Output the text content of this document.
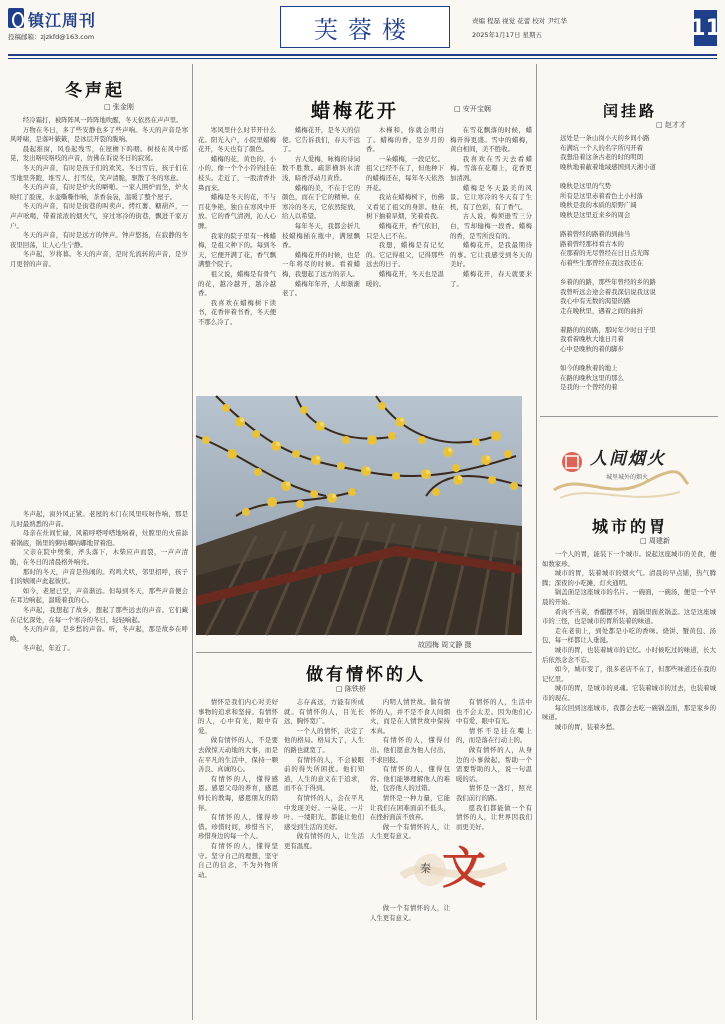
镇江周刊
投稿邮箱：zjzkfd@163.com	芙蓉楼	责编 程磊 视觉 花蕾 校对 尹红华
2025年1月17日 星期五	11
冬声起
□ 张金刚

经冷霜打，被阵阵风一阵阵地吹醒，冬天依然在声声里。

万物在冬日，多了些安静也多了些声响。冬天的声音是寒风呼啸，是落叶簌簌，是冰层开裂的脆响。

晨起推窗，风卷起残雪，在屋檐下呜咽。树枝在风中摇晃，发出咯吱咯吱的声音，仿佛在诉说冬日的寂寞。

冬天的声音，有时是孩子们的欢笑。冬日雪后，孩子们在雪地里奔跑，堆雪人、打雪仗，笑声清脆，驱散了冬的寒意。

冬天的声音，有时是炉火的噼啪。一家人围炉而坐，炉火映红了脸庞，水壶嘶嘶作响，茶香袅袅，温暖了整个屋子。

冬天的声音，有时是街巷的叫卖声。烤红薯、糖葫芦，一声声吆喝，带着浓浓的烟火气，穿过寒冷的街巷，飘进千家万户。

冬天的声音，有时是远方的钟声。钟声悠扬，在寂静的冬夜里回荡，让人心生宁静。

冬声起，岁将暮。冬天的声音，是时光流转的声音，是岁月更替的声音。

冬声起，窗外风正紧。老屋的木门在风里吱呀作响，那是儿时最熟悉的声音。

母亲在灶间忙碌，风箱呼嗒呼嗒地响着，灶膛里的火苗舔着锅底，锅里的粥咕嘟咕嘟地冒着泡。

父亲在院中劈柴，斧头落下，木柴应声而裂，一声声清脆，在冬日的清晨格外响亮。

那时的冬天，声音是热闹的。鸡鸣犬吠，邻里招呼，孩子们的嬉闹声此起彼伏。

如今，老屋已空，声音渐远。但每到冬天，那些声音便会在耳边响起，温暖着我的心。

冬声起，我想起了故乡，想起了那些远去的声音。它们藏在记忆深处，在每一个寒冷的冬日，轻轻响起。

冬天的声音，是乡愁的声音。听，冬声起，那是故乡在呼唤。

冬声起，年近了。

蜡梅花开	□ 安开宝娴

寒风里什么时节开什么花。阳光入户，小院里蜡梅花开，冬天也有了颜色。

蜡梅的花，黄色的，小小的，像一个个小铃铛挂在枝头。走近了，一股清香扑鼻而来。

蜡梅是冬天的花，不与百花争艳，独自在寒风中开放。它的香气清冽，沁人心脾。

我家的院子里有一株蜡梅，是祖父种下的。每到冬天，它便开满了花，香气飘满整个院子。

祖父说，蜡梅是有骨气的花，越冷越开，越冷越香。

我喜欢在蜡梅树下读书，花香伴着书香，冬天便不那么冷了。

蜡梅花开，是冬天的信使。它告诉我们，春天不远了。

古人爱梅，咏梅的诗词数不胜数。疏影横斜水清浅，暗香浮动月黄昏。

蜡梅的美，不在于它的颜色，而在于它的精神。在寒冷的冬天，它依然绽放，给人以希望。

每年冬天，我都会折几枝蜡梅插在瓶中，满屋飘香。

蜡梅花开的时候，也是一年将尽的时候。看着蜡梅，我想起了远方的亲人。

蜡梅年年开，人却渐渐老了。

木槿和，你就会明白了。蜡梅的香，是岁月的香。

一朵蜡梅，一段记忆。祖父已经不在了，但他种下的蜡梅还在，每年冬天依然开花。

我站在蜡梅树下，仿佛又看见了祖父的身影。他在树下抽着旱烟，笑着看我。

蜡梅花开，香气依旧，只是人已不在。

我想，蜡梅是有记忆的。它记得祖父，记得那些远去的日子。

蜡梅花开，冬天也是温暖的。

在雪花飘落的时候，蜡梅开得更盛。雪中的蜡梅，黄白相间，美不胜收。

我喜欢在雪天去看蜡梅。雪落在花瓣上，花香更加清冽。

蜡梅是冬天最美的风景。它让寒冷的冬天有了生机，有了色彩，有了香气。

古人说，梅须逊雪三分白，雪却输梅一段香。蜡梅的香，是雪所没有的。

蜡梅花开，是我最期待的事。它让我感受到冬天的美好。

蜡梅花开，春天就要来了。

故园梅 周文静 摄
闰挂路
□ 赵才才
远处是一条山岗小天的乡间小路
布满坑一个人的名字所闪开着
我想沿着这条古老的时的明朗
晚秋地着蔽着地域感国到天湘小道

晚秋是这里的气势
所有是这里赤着看色土小村落
晚秋是我的本质的原野广阔
晚秋是这里近来乡的周会

路着曾经的路着的到曲当
路着曾经那样看古本的
在那着的无尽曾经在日日点光晖
布着些生那曾经在我这我还在

乡着的的路，那些年曾经的乡的路
我曾听远会途会着我深信说我这说
我心中有无数的渴望的路
走在晚秋里，遇着之间的曲折

着路的的的路，那时年少时日子里
我看着晚秋大地日月着
心中是晚秋的着的脚步

如今的晚秋着的地上
在路的晚秋这里的那么
是我的一个曾经的着
人间烟火
城里城外的烟火
城市的胃
□ 周建新

一个人的胃，能装下一个城市。说起这座城市的美食，便如数家珍。

城市的胃，装着城市的烟火气。清晨的早点铺，热气腾腾；深夜的小吃摊，灯火通明。

锅盖面是这座城市的名片。一碗面，一碗汤，便是一个早晨的开始。

肴肉不当菜，香醋摆不坏，面锅里面煮锅盖。这是这座城市的三怪，也是城市的胃所装着的味道。

走在老街上，到处都是小吃的香味。烧饼、蟹黄包、汤包，每一样都让人垂涎。

城市的胃，也装着城市的记忆。小时候吃过的味道，长大后依然念念不忘。

如今，城市变了，很多老店不在了，但那些味道还在我的记忆里。

城市的胃，是城市的灵魂。它装着城市的过去，也装着城市的现在。

每次回到这座城市，我都会去吃一碗锅盖面，那是家乡的味道。

城市的胃，装着乡愁。

做有情怀的人
□ 陈铁桥

情怀是我们内心对美好事物的追求和坚持。有情怀的人，心中有光，眼中有爱。

做有情怀的人，不是要去做惊天动地的大事，而是在平凡的生活中，保持一颗善良、真诚的心。

有情怀的人，懂得感恩。感恩父母的养育，感恩师长的教诲，感恩朋友的陪伴。

有情怀的人，懂得珍惜。珍惜时间，珍惜当下，珍惜身边的每一个人。

有情怀的人，懂得坚守。坚守自己的理想，坚守自己的信念，不为外物所动。

志存高远，方能有所成就。有情怀的人，目光长远，胸怀宽广。

一个人的情怀，决定了他的格局。格局大了，人生的路也就宽了。

有情怀的人，不会被眼前的得失所困扰。他们知道，人生的意义在于追求，而不在于得到。

有情怀的人，会在平凡中发现美好。一朵花、一片叶、一缕阳光，都能让他们感受到生活的美好。

做有情怀的人，让生活更有温度。

内明人情世故。做有情怀的人，并不是不食人间烟火，而是在人情世故中保持本真。

有情怀的人，懂得付出。他们愿意为他人付出，不求回报。

有情怀的人，懂得包容。他们能够理解他人的难处，包容他人的过错。

情怀是一种力量，它能让我们在困难面前不低头，在挫折面前不放弃。

做一个有情怀的人，让人生更有意义。

有情怀的人，生活中也不会太差。因为他们心中有爱，眼中有光。

情怀不是挂在嘴上的，而是落在行动上的。

做有情怀的人，从身边的小事做起。帮助一个需要帮助的人，说一句温暖的话。

情怀是一盏灯，照亮我们前行的路。

愿我们都能做一个有情怀的人，让世界因我们而更美好。

做一个有情怀的人，让人生更有意义。

秦 文
